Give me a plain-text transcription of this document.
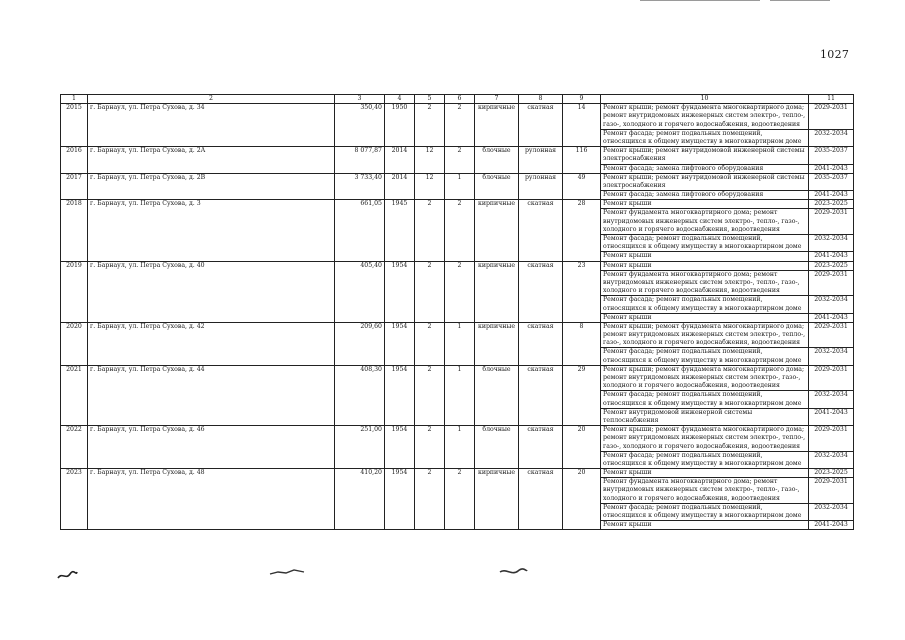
1027
1	2	3	4	5	6	7	8	9	10	11
2015	г. Барнаул, ул. Петра Сухова, д. 34	350,40	1950	2	2	кирпичные	скатная	14	Ремонт крыши; ремонт фундамента многоквартирного дома; ремонт внутридомовых инженерных систем электро-, тепло-, газо-, холодного и горячего водоснабжения, водоотведения	2029-2031
									Ремонт фасада; ремонт подвальных помещений, относящихся к общему имуществу в многоквартирном доме	2032-2034
2016	г. Барнаул, ул. Петра Сухова, д. 2А	8 077,87	2014	12	2	блочные	рулонная	116	Ремонт крыши; ремонт внутридомовой инженерной системы электроснабжения	2035-2037
									Ремонт фасада; замена лифтового оборудования	2041-2043
2017	г. Барнаул, ул. Петра Сухова, д. 2В	3 733,40	2014	12	1	блочные	рулонная	49	Ремонт крыши; ремонт внутридомовой инженерной системы электроснабжения	2035-2037
									Ремонт фасада; замена лифтового оборудования	2041-2043
2018	г. Барнаул, ул. Петра Сухова, д. 3	661,05	1945	2	2	кирпичные	скатная	28	Ремонт крыши	2023-2025
									Ремонт фундамента многоквартирного дома; ремонт внутридомовых инженерных систем электро-, тепло-, газо-, холодного и горячего водоснабжения, водоотведения	2029-2031
									Ремонт фасада; ремонт подвальных помещений, относящихся к общему имуществу в многоквартирном доме	2032-2034
									Ремонт крыши	2041-2043
2019	г. Барнаул, ул. Петра Сухова, д. 40	405,40	1954	2	2	кирпичные	скатная	23	Ремонт крыши	2023-2025
									Ремонт фундамента многоквартирного дома; ремонт внутридомовых инженерных систем электро-, тепло-, газо-, холодного и горячего водоснабжения, водоотведения	2029-2031
									Ремонт фасада; ремонт подвальных помещений, относящихся к общему имуществу в многоквартирном доме	2032-2034
									Ремонт крыши	2041-2043
2020	г. Барнаул, ул. Петра Сухова, д. 42	209,60	1954	2	1	кирпичные	скатная	8	Ремонт крыши; ремонт фундамента многоквартирного дома; ремонт внутридомовых инженерных систем электро-, тепло-, газо-, холодного и горячего водоснабжения, водоотведения	2029-2031
									Ремонт фасада; ремонт подвальных помещений, относящихся к общему имуществу в многоквартирном доме	2032-2034
2021	г. Барнаул, ул. Петра Сухова, д. 44	408,30	1954	2	1	блочные	скатная	29	Ремонт крыши; ремонт фундамента многоквартирного дома; ремонт внутридомовых инженерных систем электро-, газо-, холодного и горячего водоснабжения, водоотведения	2029-2031
									Ремонт фасада; ремонт подвальных помещений, относящихся к общему имуществу в многоквартирном доме	2032-2034
									Ремонт внутридомовой инженерной системы теплоснабжения	2041-2043
2022	г. Барнаул, ул. Петра Сухова, д. 46	251,00	1954	2	1	блочные	скатная	20	Ремонт крыши; ремонт фундамента многоквартирного дома; ремонт внутридомовых инженерных систем электро-, тепло-, газо-, холодного и горячего водоснабжения, водоотведения	2029-2031
									Ремонт фасада; ремонт подвальных помещений, относящихся к общему имуществу в многоквартирном доме	2032-2034
2023	г. Барнаул, ул. Петра Сухова, д. 48	410,20	1954	2	2	кирпичные	скатная	20	Ремонт крыши	2023-2025
									Ремонт фундамента многоквартирного дома; ремонт внутридомовых инженерных систем электро-, тепло-, газо-, холодного и горячего водоснабжения, водоотведения	2029-2031
									Ремонт фасада; ремонт подвальных помещений, относящихся к общему имуществу в многоквартирном доме	2032-2034
									Ремонт крыши	2041-2043
